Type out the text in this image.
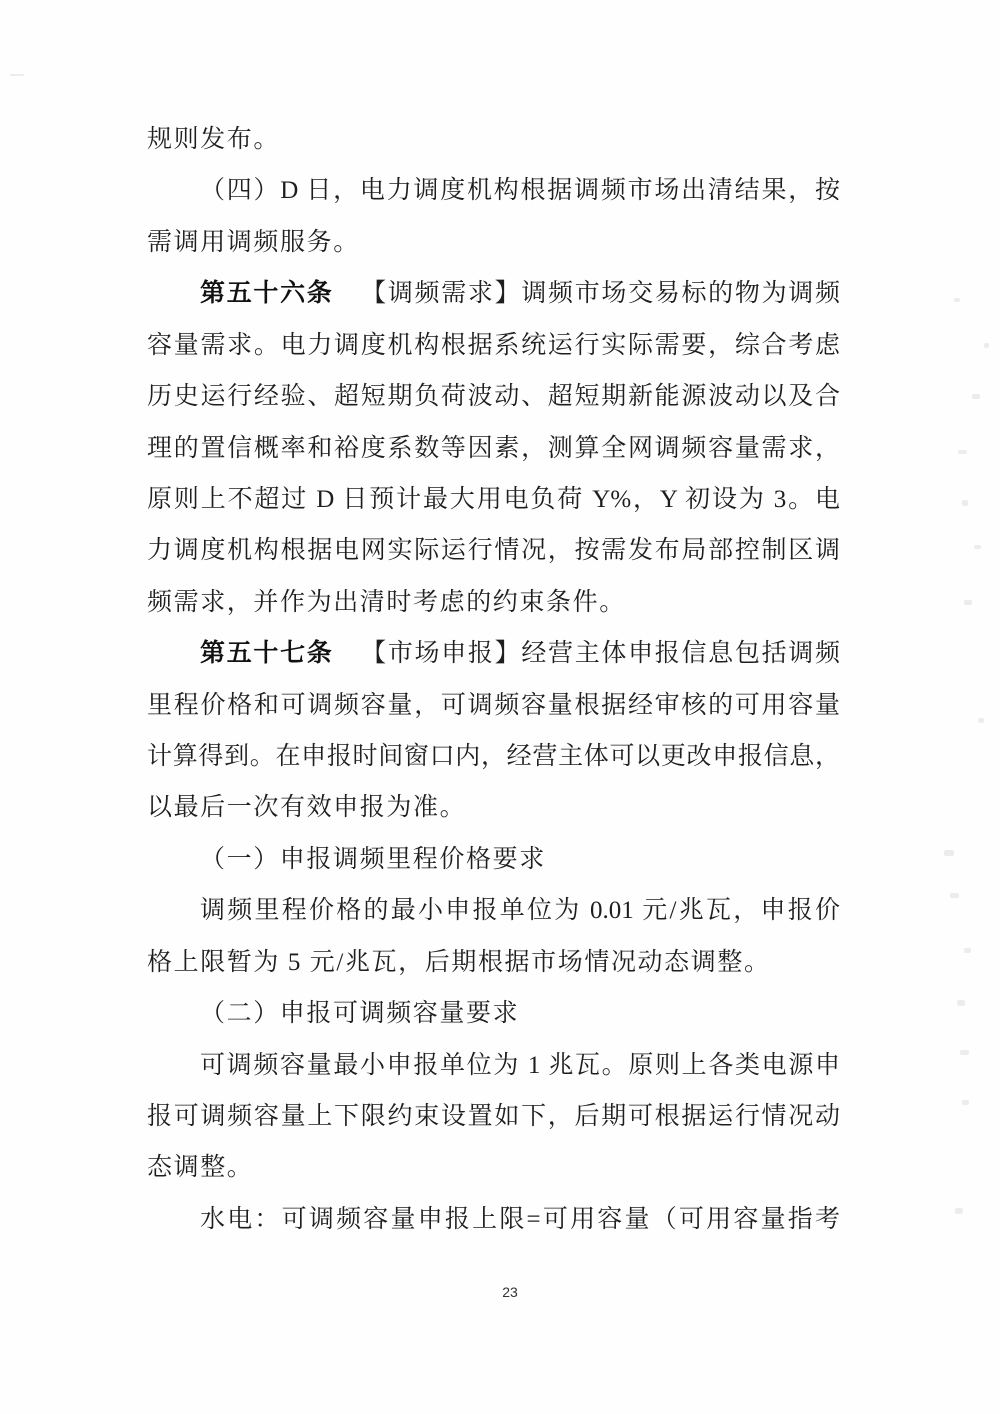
规则发布。
（四）D 日，电力调度机构根据调频市场出清结果，按
需调用调频服务。
第五十六条 【调频需求】调频市场交易标的物为调频
容量需求。电力调度机构根据系统运行实际需要，综合考虑
历史运行经验、超短期负荷波动、超短期新能源波动以及合
理的置信概率和裕度系数等因素，测算全网调频容量需求，
原则上不超过 D 日预计最大用电负荷 Y%，Y 初设为 3。电
力调度机构根据电网实际运行情况，按需发布局部控制区调
频需求，并作为出清时考虑的约束条件。
第五十七条 【市场申报】经营主体申报信息包括调频
里程价格和可调频容量，可调频容量根据经审核的可用容量
计算得到。在申报时间窗口内，经营主体可以更改申报信息，
以最后一次有效申报为准。
（一）申报调频里程价格要求
调频里程价格的最小申报单位为 0.01 元/兆瓦，申报价
格上限暂为 5 元/兆瓦，后期根据市场情况动态调整。
（二）申报可调频容量要求
可调频容量最小申报单位为 1 兆瓦。原则上各类电源申
报可调频容量上下限约束设置如下，后期可根据运行情况动
态调整。
水电：可调频容量申报上限=可用容量（可用容量指考
23
